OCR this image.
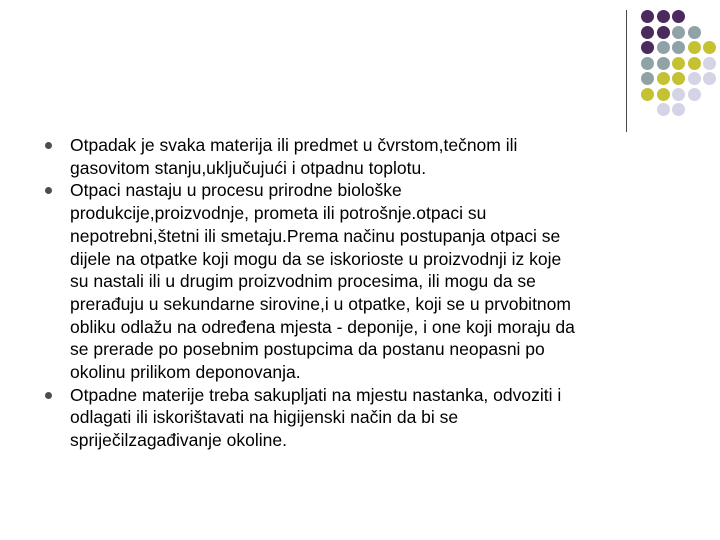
Otpadak je svaka materija ili predmet u čvrstom,tečnom ili
gasovitom stanju,uključujući i otpadnu toplotu.
Otpaci nastaju u procesu prirodne biološke
produkcije,proizvodnje, prometa ili potrošnje.otpaci su
nepotrebni,štetni ili smetaju.Prema načinu postupanja otpaci se
dijele na otpatke koji mogu da se iskorioste u proizvodnji iz koje
su nastali ili u drugim proizvodnim procesima, ili mogu da se
prerađuju u sekundarne sirovine,i u otpatke, koji se u prvobitnom
obliku odlažu na određena mjesta - deponije, i one koji moraju da
se prerade po posebnim postupcima da postanu neopasni po
okolinu prilikom deponovanja.
Otpadne materije treba sakupljati na mjestu nastanka, odvoziti i
odlagati ili iskorištavati na higijenski način da bi se
spriječilzagađivanje okoline.
